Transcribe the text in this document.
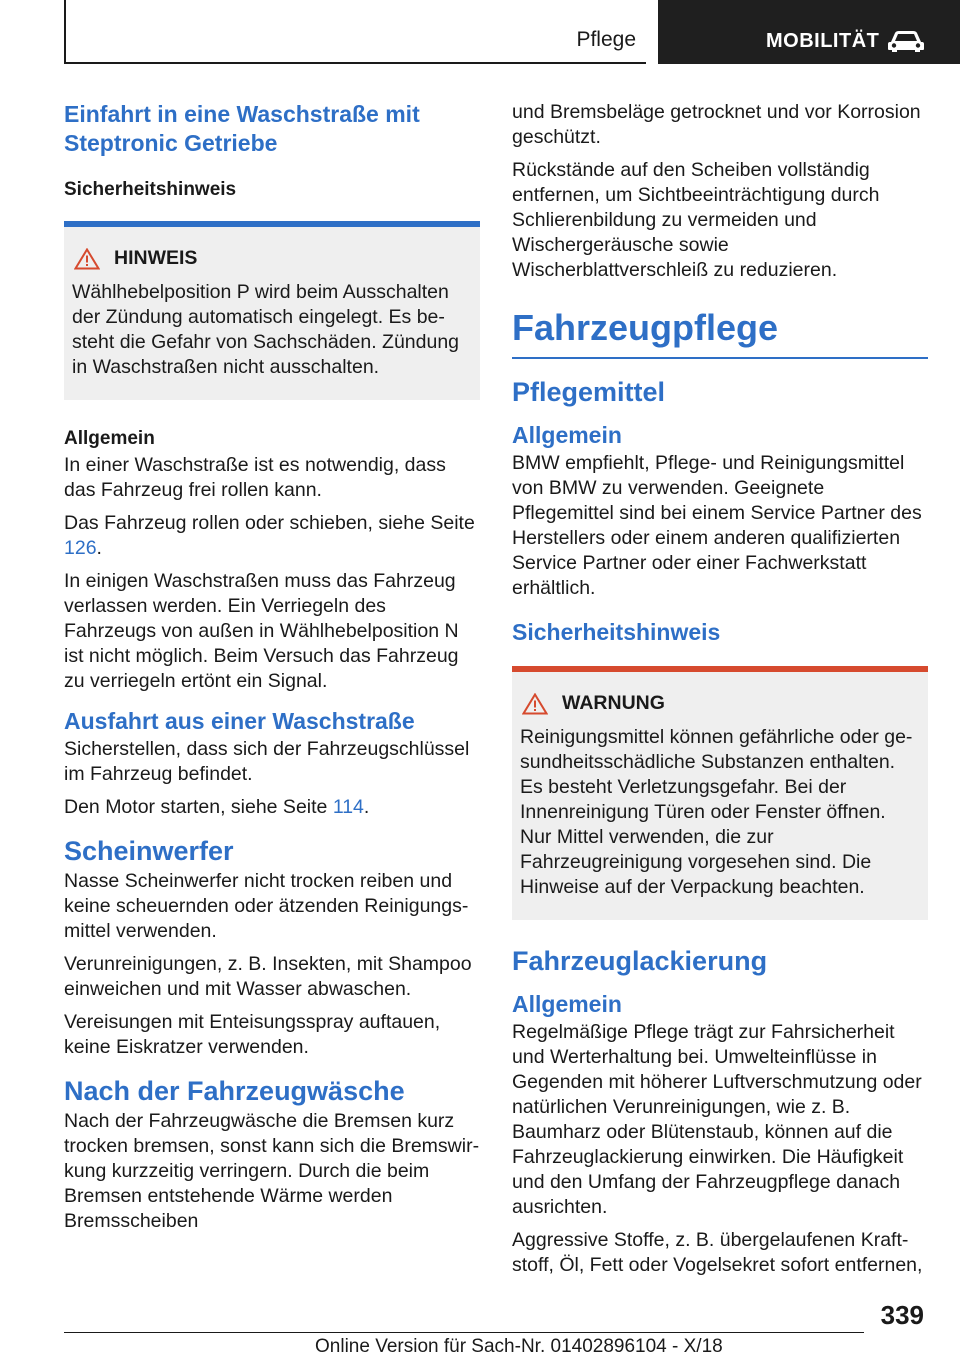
Pflege	MOBILITÄT
Einfahrt in eine Waschstraße mit Steptronic Getriebe
Sicherheitshinweis
HINWEIS

Wählhebelposition P wird beim Ausschalten der Zündung automatisch eingelegt. Es besteht die Gefahr von Sachschäden. Zündung in Waschstraßen nicht ausschalten.

Allgemein

In einer Waschstraße ist es notwendig, dass das Fahrzeug frei rollen kann.

Das Fahrzeug rollen oder schieben, siehe Seite 126.

In einigen Waschstraßen muss das Fahrzeug verlassen werden. Ein Verriegeln des Fahrzeugs von außen in Wählhebelposition N ist nicht möglich. Beim Versuch das Fahrzeug zu verriegeln ertönt ein Signal.

Ausfahrt aus einer Waschstraße

Sicherstellen, dass sich der Fahrzeugschlüssel im Fahrzeug befindet.

Den Motor starten, siehe Seite 114.

Scheinwerfer

Nasse Scheinwerfer nicht trocken reiben und keine scheuernden oder ätzenden Reinigungsmittel verwenden.

Verunreinigungen, z. B. Insekten, mit Shampoo einweichen und mit Wasser abwaschen.

Vereisungen mit Enteisungsspray auftauen, keine Eiskratzer verwenden.

Nach der Fahrzeugwäsche

Nach der Fahrzeugwäsche die Bremsen kurz trocken bremsen, sonst kann sich die Bremswirkung kurzzeitig verringern. Durch die beim Bremsen entstehende Wärme werden Bremsscheiben

und Bremsbeläge getrocknet und vor Korrosion geschützt.

Rückstände auf den Scheiben vollständig entfernen, um Sichtbeeinträchtigung durch Schlierenbildung zu vermeiden und Wischergeräusche sowie Wischerblattverschleiß zu reduzieren.

Fahrzeugpflege
Pflegemittel
Allgemein

BMW empfiehlt, Pflege- und Reinigungsmittel von BMW zu verwenden. Geeignete Pflegemittel sind bei einem Service Partner des Herstellers oder einem anderen qualifizierten Service Partner oder einer Fachwerkstatt erhältlich.

Sicherheitshinweis
WARNUNG

Reinigungsmittel können gefährliche oder gesundheitsschädliche Substanzen enthalten. Es besteht Verletzungsgefahr. Bei der Innenreinigung Türen oder Fenster öffnen. Nur Mittel verwenden, die zur Fahrzeugreinigung vorgesehen sind. Die Hinweise auf der Verpackung beachten.

Fahrzeuglackierung
Allgemein

Regelmäßige Pflege trägt zur Fahrsicherheit und Werterhaltung bei. Umwelteinflüsse in Gegenden mit höherer Luftverschmutzung oder natürlichen Verunreinigungen, wie z. B. Baumharz oder Blütenstaub, können auf die Fahrzeuglackierung einwirken. Die Häufigkeit und den Umfang der Fahrzeugpflege danach ausrichten.

Aggressive Stoffe, z. B. übergelaufenen Kraftstoff, Öl, Fett oder Vogelsekret sofort entfernen,

339
Online Version für Sach-Nr. 01402896104 - X/18
